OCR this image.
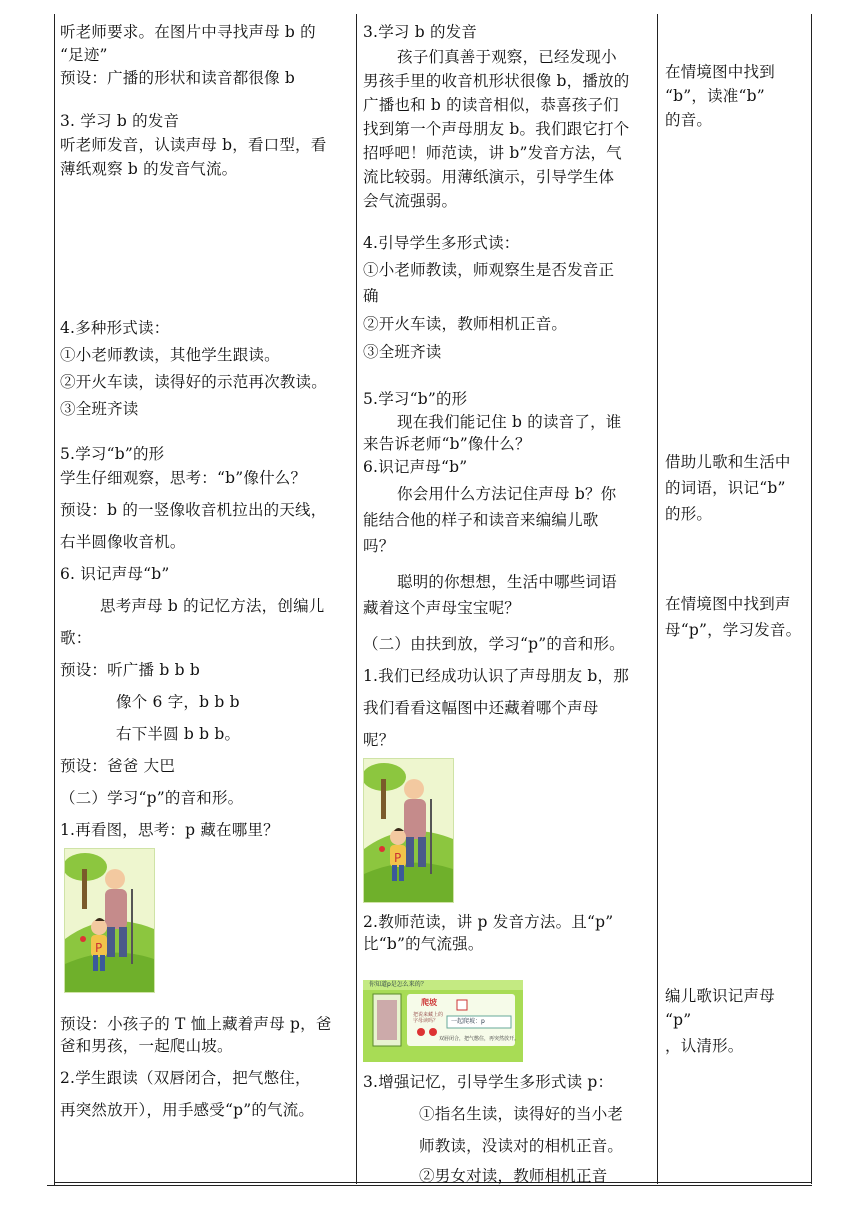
听老师要求。在图片中寻找声母 b 的
“足迹”
预设：广播的形状和读音都很像 b
3. 学习 b 的发音
听老师发音，认读声母 b，看口型，看
薄纸观察 b 的发音气流。
4.多种形式读：
①小老师教读，其他学生跟读。
②开火车读，读得好的示范再次教读。
③全班齐读
5.学习“b”的形
学生仔细观察，思考：“b”像什么？
预设：b 的一竖像收音机拉出的天线，
右半圆像收音机。
6. 识记声母“b”
思考声母 b 的记忆方法，创编儿
歌：
预设：听广播 b b b
像个 6 字，b b b
右下半圆 b b b。
预设：爸爸 大巴
（二）学习“p”的音和形。
1.再看图，思考：p 藏在哪里？
P
预设：小孩子的 T 恤上藏着声母 p，爸
爸和男孩，一起爬山坡。
2.学生跟读（双唇闭合，把气憋住，
再突然放开），用手感受“p”的气流。
3.学习 b 的发音
孩子们真善于观察，已经发现小
男孩手里的收音机形状很像 b，播放的
广播也和 b 的读音相似，恭喜孩子们
找到第一个声母朋友 b。我们跟它打个
招呼吧！师范读，讲 b”发音方法，气
流比较弱。用薄纸演示，引导学生体
会气流强弱。
4.引导学生多形式读：
①小老师教读，师观察生是否发音正
确
②开火车读，教师相机正音。
③全班齐读
5.学习“b”的形
现在我们能记住 b 的读音了，谁
来告诉老师“b”像什么？
6.识记声母“b”
你会用什么方法记住声母 b？你
能结合他的样子和读音来编编儿歌
吗？
聪明的你想想，生活中哪些词语
藏着这个声母宝宝呢？
（二）由扶到放，学习“p”的音和形。
1.我们已经成功认识了声母朋友 b，那
我们看看这幅图中还藏着哪个声母
呢？
P
2.教师范读，讲 p 发音方法。且“p”
比“b”的气流强。
你知道p是怎么来的？
爬坡
把说来藏上的
字母读吗？	一起爬坡：p
双唇闭合，把气憋住，再突然放开。
3.增强记忆，引导学生多形式读 p：
①指名生读，读得好的当小老
师教读，没读对的相机正音。
②男女对读，教师相机正音
在情境图中找到
“b”，读准“b”
的音。
借助儿歌和生活中
的词语，识记“b”
的形。
在情境图中找到声
母“p”，学习发音。
编儿歌识记声母
“p”
，认清形。
